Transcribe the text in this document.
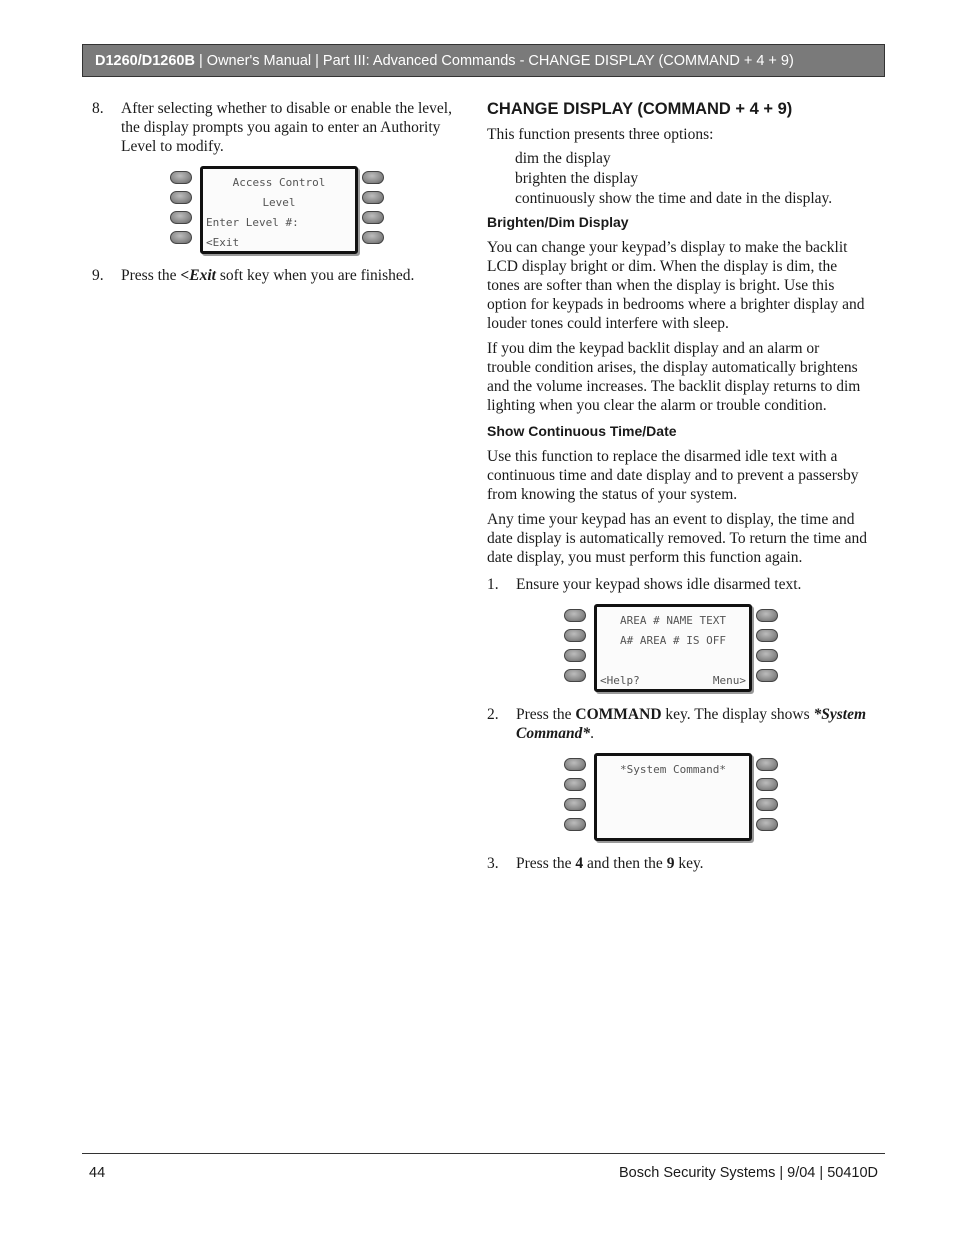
D1260/D1260B | Owner's Manual | Part III: Advanced Commands - CHANGE DISPLAY (COMMAND + 4 + 9)
8. After selecting whether to disable or enable the level, the display prompts you again to enter an Authority Level to modify.
Access Control
Level
Enter Level #:
<Exit
9. Press the <Exit soft key when you are finished.
CHANGE DISPLAY (COMMAND + 4 + 9)
This function presents three options:
dim the display
brighten the display
continuously show the time and date in the display.
Brighten/Dim Display

You can change your keypad’s display to make the backlit LCD display bright or dim. When the display is dim, the tones are softer than when the display is bright. Use this option for keypads in bedrooms where a brighter display and louder tones could interfere with sleep.

If you dim the keypad backlit display and an alarm or trouble condition arises, the display automatically brightens and the volume increases. The backlit display returns to dim lighting when you clear the alarm or trouble condition.

Show Continuous Time/Date

Use this function to replace the disarmed idle text with a continuous time and date display and to prevent a passersby from knowing the status of your system.

Any time your keypad has an event to display, the time and date display is automatically removed. To return the time and date display, you must perform this function again.

1. Ensure your keypad shows idle disarmed text.
AREA # NAME TEXT
A# AREA # IS OFF
<Help?	Menu>
2. Press the COMMAND key. The display shows *System Command*.
*System Command*
3. Press the 4 and then the 9 key.
44	Bosch Security Systems | 9/04 | 50410D
